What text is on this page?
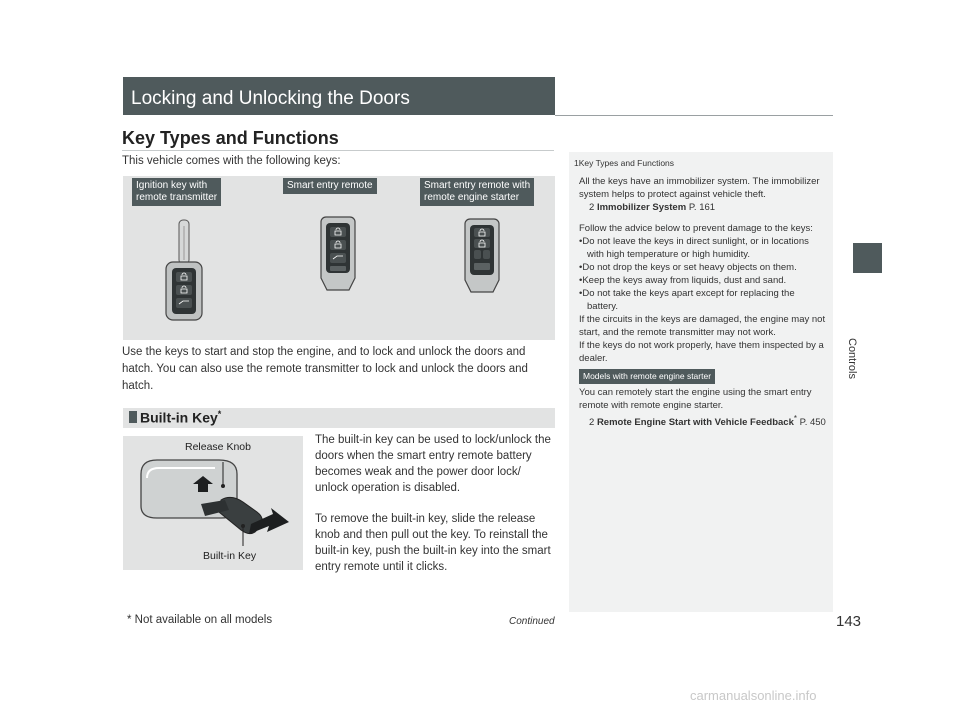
Locking and Unlocking the Doors
Key Types and Functions
This vehicle comes with the following keys:
Ignition key with
remote transmitter
Smart entry remote	Smart entry remote with
remote engine starter
Use the keys to start and stop the engine, and to lock and unlock the doors and hatch. You can also use the remote transmitter to lock and unlock the doors and hatch.
Built-in Key*
Release Knob
Built-in Key

The built-in key can be used to lock/unlock the doors when the smart entry remote battery becomes weak and the power door lock/ unlock operation is disabled.

To remove the built-in key, slide the release knob and then pull out the key. To reinstall the built-in key, push the built-in key into the smart entry remote until it clicks.

1Key Types and Functions

All the keys have an immobilizer system. The immobilizer system helps to protect against vehicle theft.

2 Immobilizer System P. 161

Follow the advice below to prevent damage to the keys:

•Do not leave the keys in direct sunlight, or in locations with high temperature or high humidity.

•Do not drop the keys or set heavy objects on them.

•Keep the keys away from liquids, dust and sand.

•Do not take the keys apart except for replacing the battery.

If the circuits in the keys are damaged, the engine may not start, and the remote transmitter may not work.

If the keys do not work properly, have them inspected by a dealer.

Models with remote engine starter

You can remotely start the engine using the smart entry remote with remote engine starter.

2 Remote Engine Start with Vehicle Feedback* P. 450

Controls
* Not available on all models	Continued	143
carmanualsonline.info
